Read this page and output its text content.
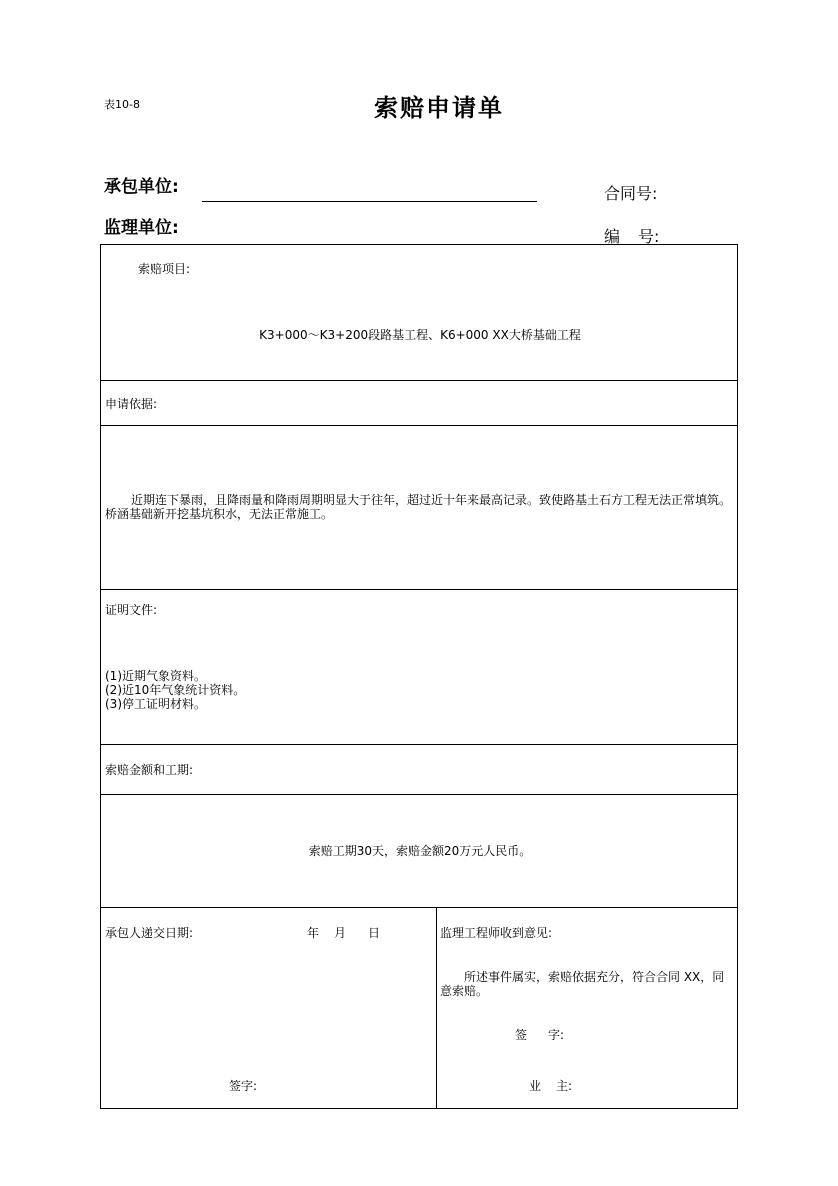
表10-8	索赔申请单
承包单位:
监理单位:
合同号:
编号:
索赔项目:
K3+000～K3+200段路基工程、K6+000 XX大桥基础工程
申请依据:
近期连下暴雨，且降雨量和降雨周期明显大于往年，超过近十年来最高记录。致使路基土石方工程无法正常填筑。桥涵基础新开挖基坑积水，无法正常施工。
证明文件:
(1)近期气象资料。
(2)近10年气象统计资料。
(3)停工证明材料。
索赔金额和工期:
索赔工期30天，索赔金额20万元人民币。
承包人递交日期:	年 月 日
签字:
监理工程师收到意见:
所述事件属实，索赔依据充分，符合合同 XX，同意索赔。
签字:
业主:
